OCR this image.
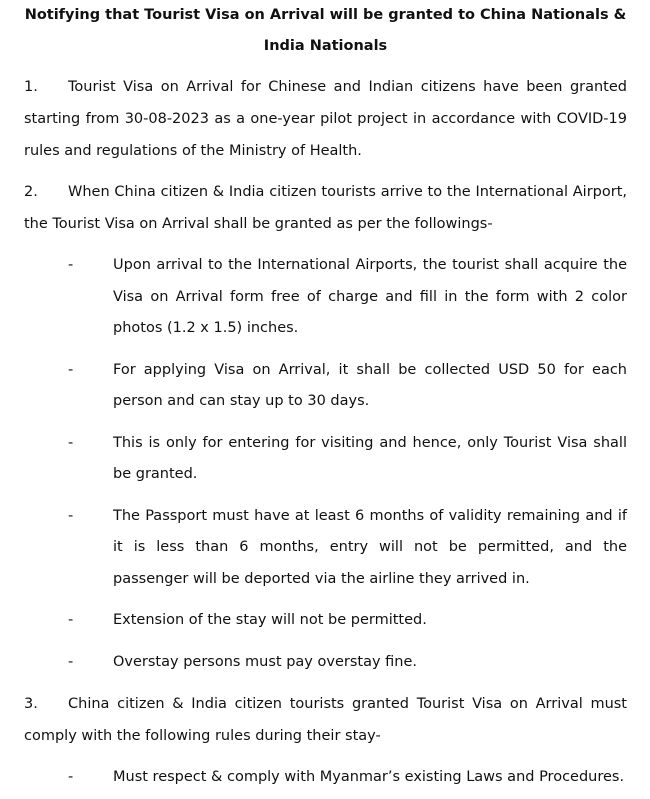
Notifying that Tourist Visa on Arrival will be granted to China Nationals & India Nationals

1. Tourist Visa on Arrival for Chinese and Indian citizens have been granted starting from 30-08-2023 as a one-year pilot project in accordance with COVID-19 rules and regulations of the Ministry of Health.

2. When China citizen & India citizen tourists arrive to the International Airport, the Tourist Visa on Arrival shall be granted as per the followings-

-	Upon arrival to the International Airports, the tourist shall acquire the Visa on Arrival form free of charge and fill in the form with 2 color photos (1.2 x 1.5) inches.
-	For applying Visa on Arrival, it shall be collected USD 50 for each person and can stay up to 30 days.
-	This is only for entering for visiting and hence, only Tourist Visa shall be granted.
-	The Passport must have at least 6 months of validity remaining and if it is less than 6 months, entry will not be permitted, and the passenger will be deported via the airline they arrived in.
-	Extension of the stay will not be permitted.
-	Overstay persons must pay overstay fine.

3. China citizen & India citizen tourists granted Tourist Visa on Arrival must comply with the following rules during their stay-

-	Must respect & comply with Myanmar’s existing Laws and Procedures.
